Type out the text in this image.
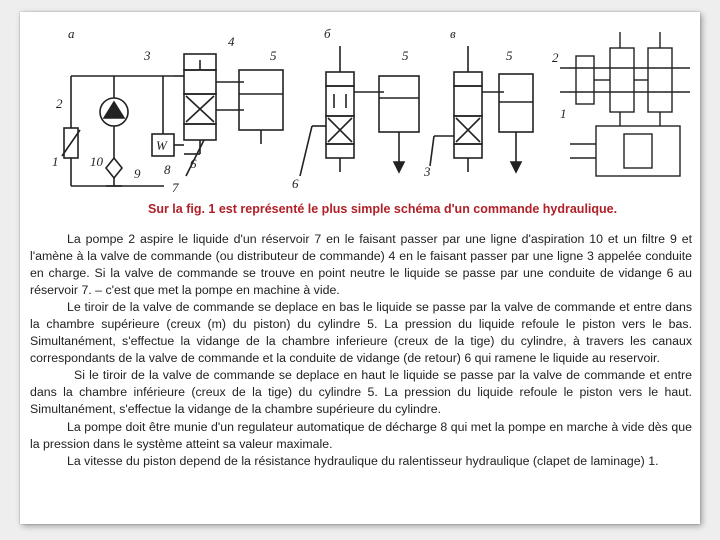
а	б	в
3
2
W
1 10
9 8 6
7
4
5	5
6
5
3
2
1
Sur la fig. 1 est représenté le plus simple schéma d'un commande hydraulique.

La pompe 2 aspire le liquide d'un réservoir 7 en le faisant passer par une ligne d'aspiration 10 et un filtre 9 et l'amène à la valve de commande (ou distributeur de commande) 4 en le faisant passer par une ligne 3 appelée conduite en charge. Si la valve de commande se trouve en point neutre le liquide se passe par une conduite de vidange 6 au réservoir 7. – c'est que met la pompe en machine à vide.

Le tiroir de la valve de commande se deplace en bas le liquide se passe par la valve de commande et entre dans la chambre supérieure (creux (m) du piston) du cylindre 5. La pression du liquide refoule le piston vers le bas. Simultanément, s'effectue la vidange de la chambre inferieure (creux de la tige) du cylindre, à travers les canaux correspondants de la valve de commande et la conduite de vidange (de retour) 6 qui ramene le liquide au reservoir.

Si le tiroir de la valve de commande se deplace en haut le liquide se passe par la valve de commande et entre dans la chambre inférieure (creux de la tige) du cylindre 5. La pression du liquide refoule le piston vers le haut. Simultanément, s'effectue la vidange de la chambre supérieure du cylindre.

La pompe doit être munie d'un regulateur automatique de décharge 8 qui met la pompe en marche à vide dès que la pression dans le système atteint sa valeur maximale.

La vitesse du piston depend de la résistance hydraulique du ralentisseur hydraulique (clapet de laminage) 1.
